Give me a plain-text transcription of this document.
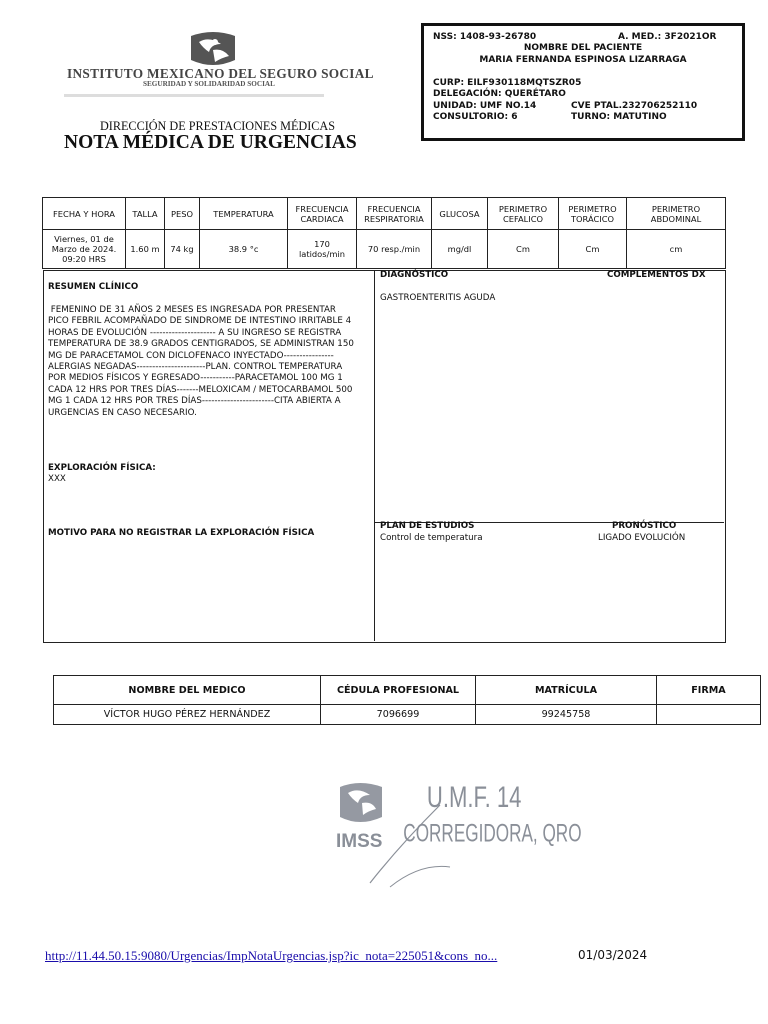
INSTITUTO MEXICANO DEL SEGURO SOCIAL
SEGURIDAD Y SOLIDARIDAD SOCIAL
DIRECCIÓN DE PRESTACIONES MÉDICAS
NOTA MÉDICA DE URGENCIAS
NSS: 1408-93-26780	A. MED.: 3F2021OR
NOMBRE DEL PACIENTE
MARIA FERNANDA ESPINOSA LIZARRAGA
CURP: EILF930118MQTSZR05
DELEGACIÓN: QUERÉTARO
UNIDAD: UMF NO.14	CVE PTAL.232706252110
CONSULTORIO: 6	TURNO: MATUTINO
FECHA Y HORA	TALLA	PESO	TEMPERATURA	FRECUENCIA CARDIACA	FRECUENCIA RESPIRATORIA	GLUCOSA	PERIMETRO CEFALICO	PERIMETRO TORÁCICO	PERIMETRO ABDOMINAL
Viernes, 01 de Marzo de 2024. 09:20 HRS	1.60 m	74 kg	38.9 °c	170 latidos/min	70 resp./min	mg/dl	Cm	Cm	cm
RESUMEN CLÍNICO
FEMENINO DE 31 AÑOS 2 MESES ES INGRESADA POR PRESENTAR
PICO FEBRIL ACOMPAÑADO DE SINDROME DE INTESTINO IRRITABLE 4
HORAS DE EVOLUCIÓN --------------------- A SU INGRESO SE REGISTRA
TEMPERATURA DE 38.9 GRADOS CENTIGRADOS, SE ADMINISTRAN 150
MG DE PARACETAMOL CON DICLOFENACO INYECTADO----------------
ALERGIAS NEGADAS----------------------PLAN. CONTROL TEMPERATURA
POR MEDIOS FÍSICOS Y EGRESADO-----------PARACETAMOL 100 MG 1
CADA 12 HRS POR TRES DÍAS-------MELOXICAM / METOCARBAMOL 500
MG 1 CADA 12 HRS POR TRES DÍAS-----------------------CITA ABIERTA A
URGENCIAS EN CASO NECESARIO.
EXPLORACIÓN FÍSICA:
XXX
MOTIVO PARA NO REGISTRAR LA EXPLORACIÓN FÍSICA
DIAGNÓSTICO	COMPLEMENTOS DX
GASTROENTERITIS AGUDA
PLAN DE ESTUDIOS
Control de temperatura
PRONÓSTICO
LIGADO EVOLUCIÓN
NOMBRE DEL MEDICO	CÉDULA PROFESIONAL	MATRÍCULA	FIRMA
VÍCTOR HUGO PÉREZ HERNÁNDEZ	7096699	99245758	
IMSS
U.M.F. 14
CORREGIDORA, QRO
http://11.44.50.15:9080/Urgencias/ImpNotaUrgencias.jsp?ic_nota=225051&cons_no...	01/03/2024
